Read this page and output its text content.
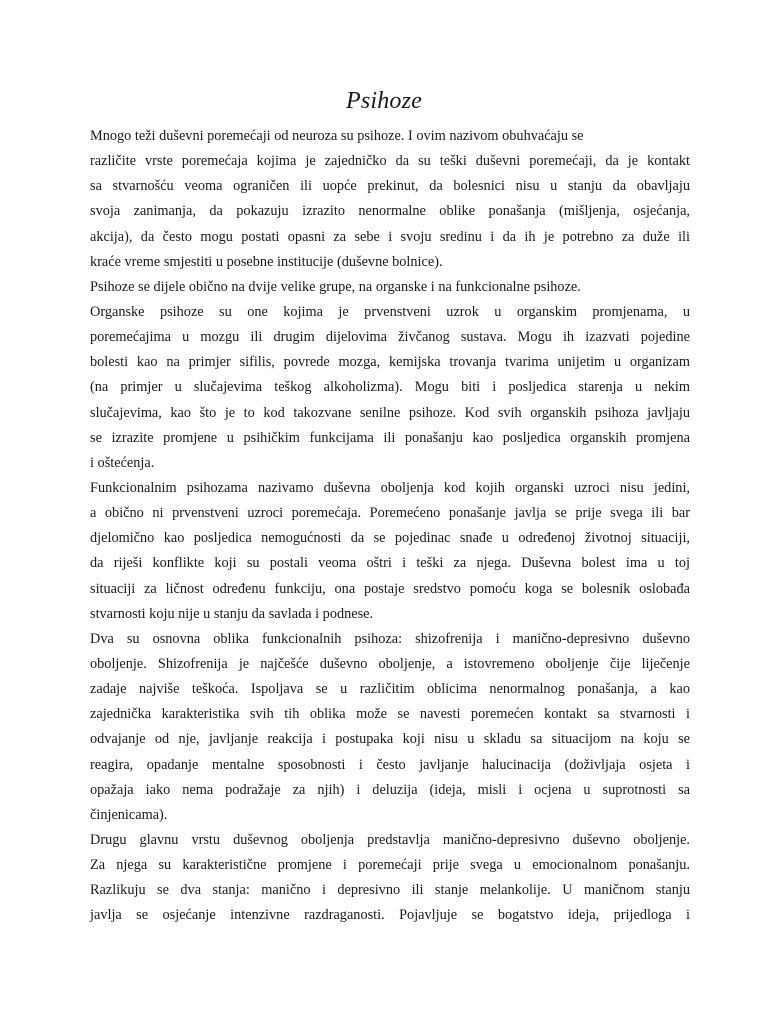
Psihoze
Mnogo teži duševni poremećaji od neuroza su psihoze. I ovim nazivom obuhvaćaju se
različite vrste poremećaja kojima je zajedničko da su teški duševni poremećaji, da je kontakt
sa stvarnošću veoma ograničen ili uopće prekinut, da bolesnici nisu u stanju da obavljaju
svoja zanimanja, da pokazuju izrazito nenormalne oblike ponašanja (mišljenja, osjećanja,
akcija), da često mogu postati opasni za sebe i svoju sredinu i da ih je potrebno za duže ili
kraće vreme smjestiti u posebne institucije (duševne bolnice).
Psihoze se dijele obično na dvije velike grupe, na organske i na funkcionalne psihoze.
Organske psihoze su one kojima je prvenstveni uzrok u organskim promjenama, u
poremećajima u mozgu ili drugim dijelovima živčanog sustava. Mogu ih izazvati pojedine
bolesti kao na primjer sifilis, povrede mozga, kemijska trovanja tvarima unijetim u organizam
(na primjer u slučajevima teškog alkoholizma). Mogu biti i posljedica starenja u nekim
slučajevima, kao što je to kod takozvane senilne psihoze. Kod svih organskih psihoza javljaju
se izrazite promjene u psihičkim funkcijama ili ponašanju kao posljedica organskih promjena
i oštećenja.
Funkcionalnim psihozama nazivamo duševna oboljenja kod kojih organski uzroci nisu jedini,
a obično ni prvenstveni uzroci poremećaja. Poremećeno ponašanje javlja se prije svega ili bar
djelomično kao posljedica nemogućnosti da se pojedinac snađe u određenoj životnoj situaciji,
da riješi konflikte koji su postali veoma oštri i teški za njega. Duševna bolest ima u toj
situaciji za ličnost određenu funkciju, ona postaje sredstvo pomoću koga se bolesnik oslobađa
stvarnosti koju nije u stanju da savlada i podnese.
Dva su osnovna oblika funkcionalnih psihoza: shizofrenija i manično-depresivno duševno
oboljenje. Shizofrenija je najčešće duševno oboljenje, a istovremeno oboljenje čije liječenje
zadaje najviše teškoća. Ispoljava se u različitim oblicima nenormalnog ponašanja, a kao
zajednička karakteristika svih tih oblika može se navesti poremećen kontakt sa stvarnosti i
odvajanje od nje, javljanje reakcija i postupaka koji nisu u skladu sa situacijom na koju se
reagira, opadanje mentalne sposobnosti i često javljanje halucinacija (doživljaja osjeta i
opažaja iako nema podražaje za njih) i deluzija (ideja, misli i ocjena u suprotnosti sa
činjenicama).
Drugu glavnu vrstu duševnog oboljenja predstavlja manično-depresivno duševno oboljenje.
Za njega su karakteristične promjene i poremećaji prije svega u emocionalnom ponašanju.
Razlikuju se dva stanja: manično i depresivno ili stanje melankolije. U maničnom stanju
javlja se osjećanje intenzivne razdraganosti. Pojavljuje se bogatstvo ideja, prijedloga i
